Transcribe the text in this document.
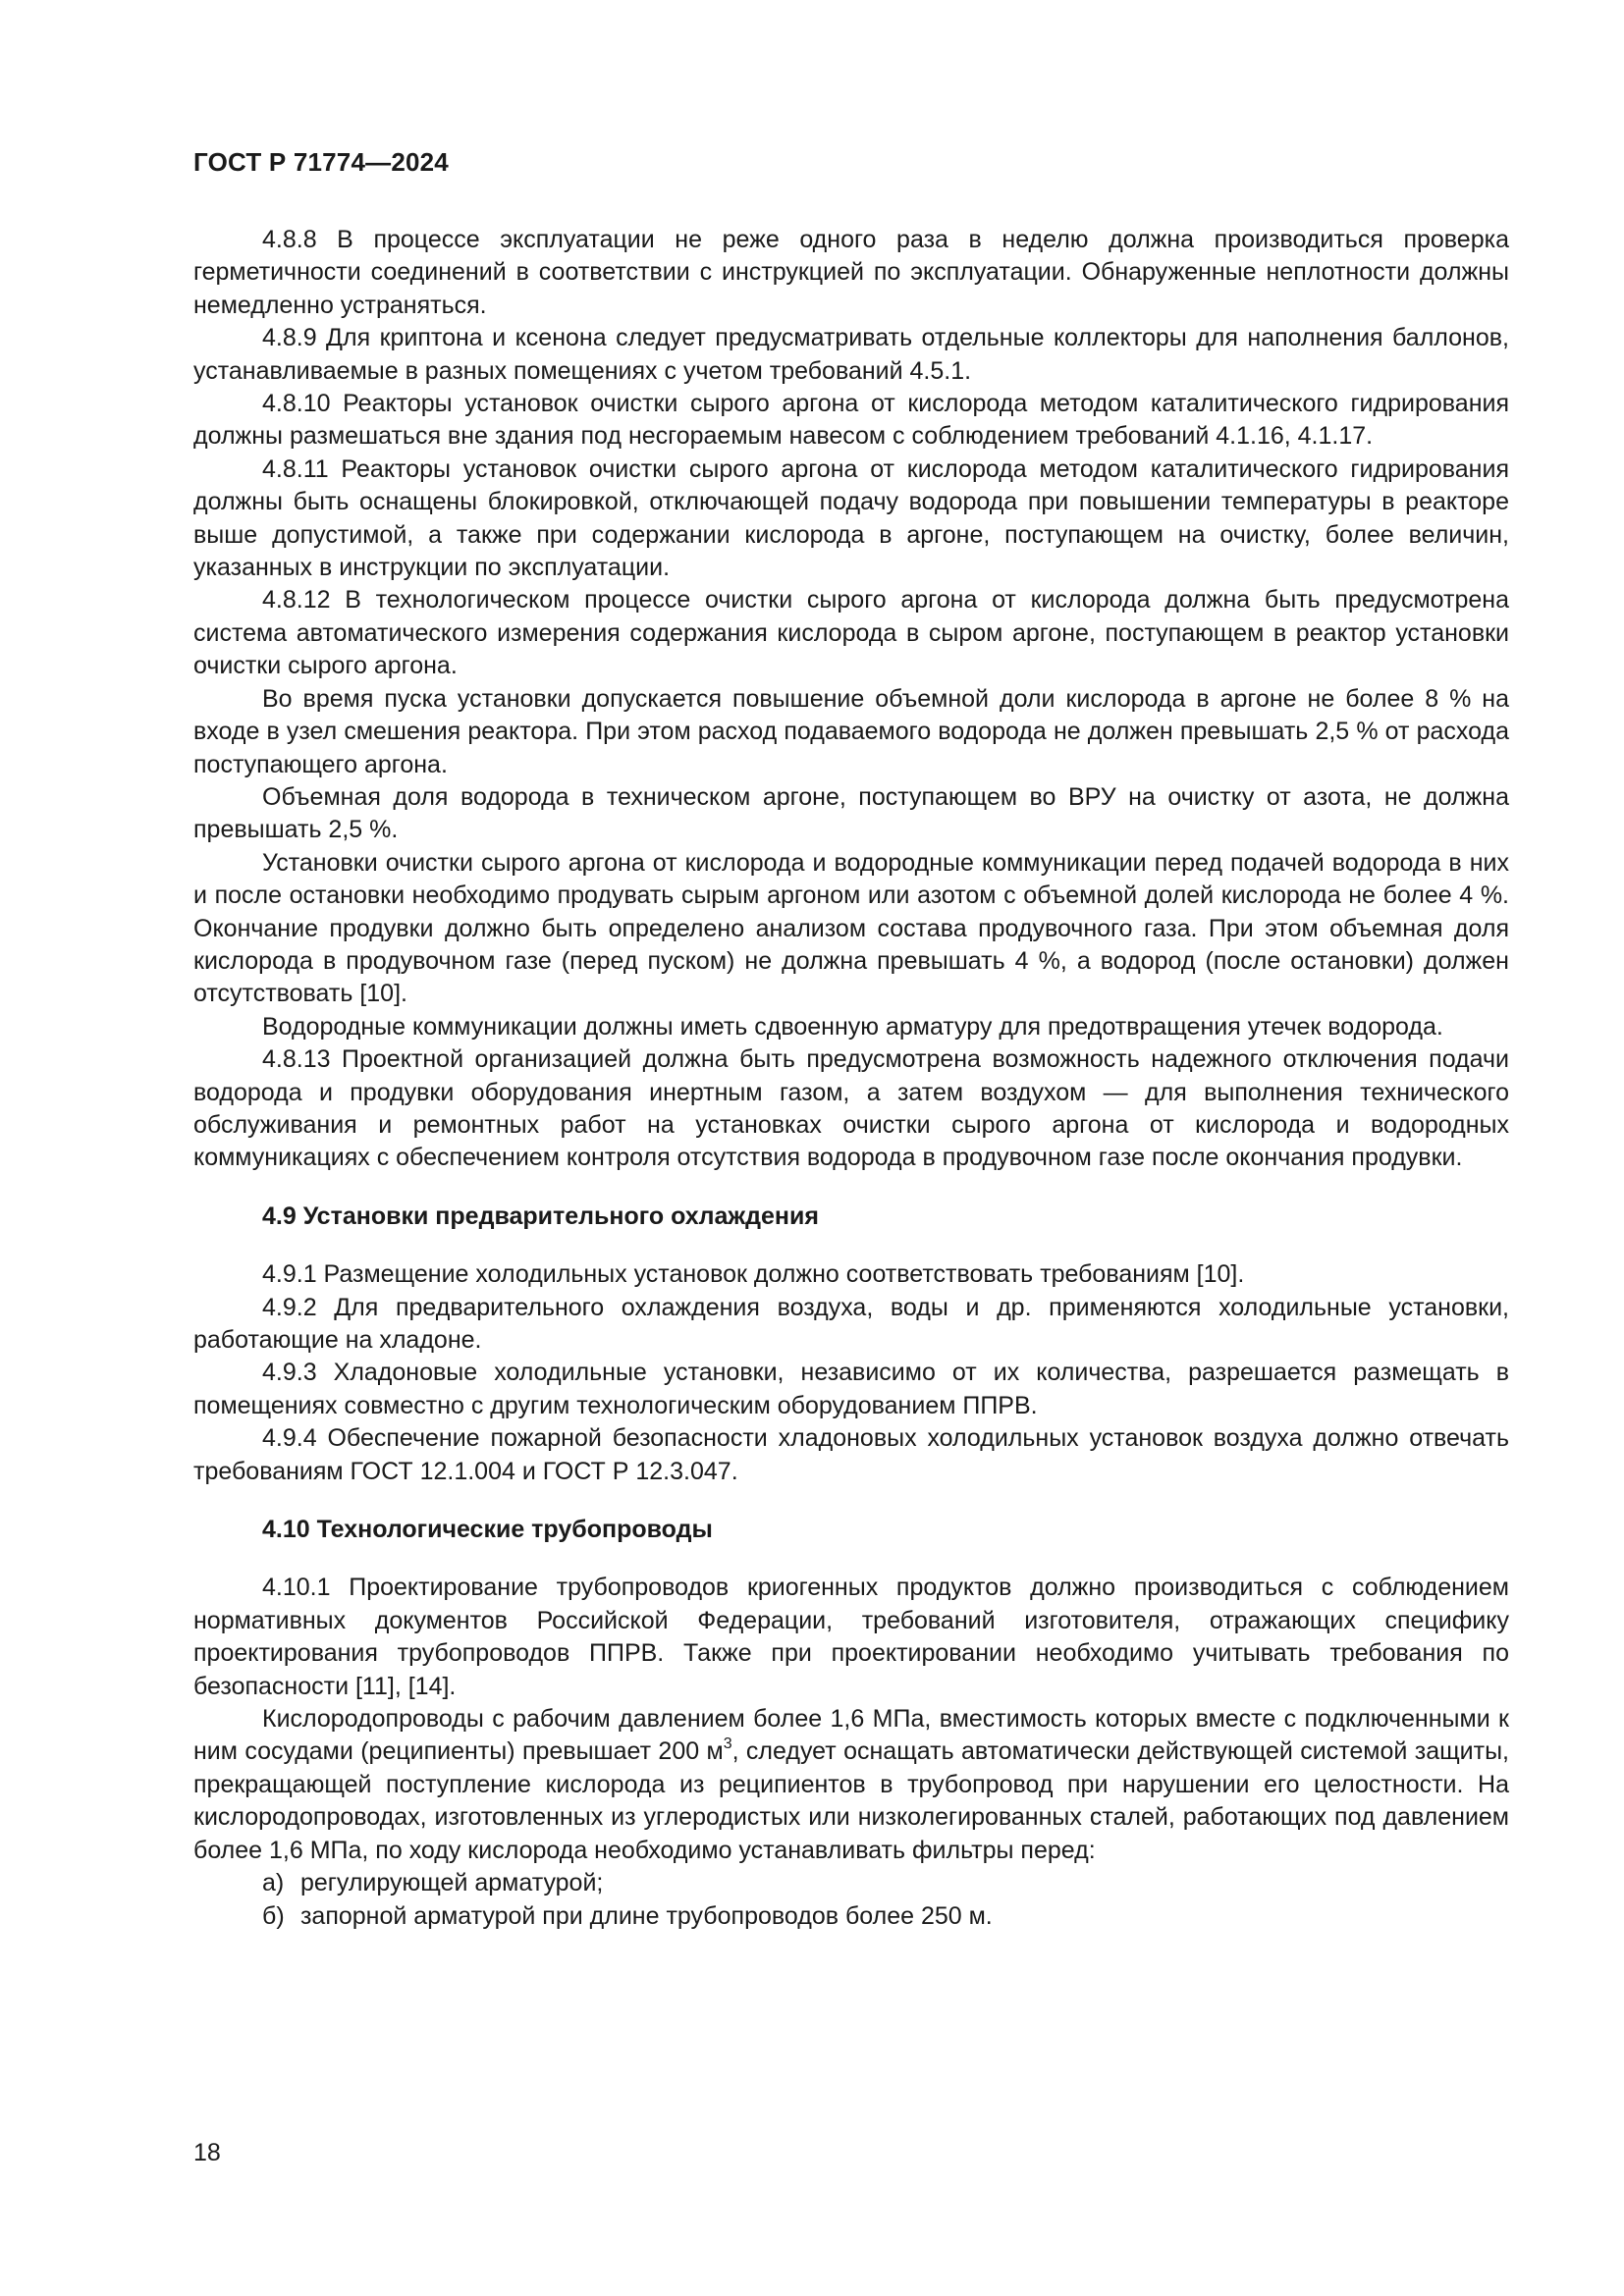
ГОСТ Р 71774—2024

4.8.8 В процессе эксплуатации не реже одного раза в неделю должна производиться проверка герметичности соединений в соответствии с инструкцией по эксплуатации. Обнаруженные неплотности должны немедленно устраняться.

4.8.9 Для криптона и ксенона следует предусматривать отдельные коллекторы для наполнения баллонов, устанавливаемые в разных помещениях с учетом требований 4.5.1.

4.8.10 Реакторы установок очистки сырого аргона от кислорода методом каталитического гидрирования должны размешаться вне здания под несгораемым навесом с соблюдением требований 4.1.16, 4.1.17.

4.8.11 Реакторы установок очистки сырого аргона от кислорода методом каталитического гидрирования должны быть оснащены блокировкой, отключающей подачу водорода при повышении температуры в реакторе выше допустимой, а также при содержании кислорода в аргоне, поступающем на очистку, более величин, указанных в инструкции по эксплуатации.

4.8.12 В технологическом процессе очистки сырого аргона от кислорода должна быть предусмотрена система автоматического измерения содержания кислорода в сыром аргоне, поступающем в реактор установки очистки сырого аргона.

Во время пуска установки допускается повышение объемной доли кислорода в аргоне не более 8 % на входе в узел смешения реактора. При этом расход подаваемого водорода не должен превышать 2,5 % от расхода поступающего аргона.

Объемная доля водорода в техническом аргоне, поступающем во ВРУ на очистку от азота, не должна превышать 2,5 %.

Установки очистки сырого аргона от кислорода и водородные коммуникации перед подачей водорода в них и после остановки необходимо продувать сырым аргоном или азотом с объемной долей кислорода не более 4 %. Окончание продувки должно быть определено анализом состава продувочного газа. При этом объемная доля кислорода в продувочном газе (перед пуском) не должна превышать 4 %, а водород (после остановки) должен отсутствовать [10].

Водородные коммуникации должны иметь сдвоенную арматуру для предотвращения утечек водорода.

4.8.13 Проектной организацией должна быть предусмотрена возможность надежного отключения подачи водорода и продувки оборудования инертным газом, а затем воздухом — для выполнения технического обслуживания и ремонтных работ на установках очистки сырого аргона от кислорода и водородных коммуникациях с обеспечением контроля отсутствия водорода в продувочном газе после окончания продувки.

4.9 Установки предварительного охлаждения

4.9.1 Размещение холодильных установок должно соответствовать требованиям [10].

4.9.2 Для предварительного охлаждения воздуха, воды и др. применяются холодильные установки, работающие на хладоне.

4.9.3 Хладоновые холодильные установки, независимо от их количества, разрешается размещать в помещениях совместно с другим технологическим оборудованием ППРВ.

4.9.4 Обеспечение пожарной безопасности хладоновых холодильных установок воздуха должно отвечать требованиям ГОСТ 12.1.004 и ГОСТ Р 12.3.047.

4.10 Технологические трубопроводы

4.10.1 Проектирование трубопроводов криогенных продуктов должно производиться с соблюдением нормативных документов Российской Федерации, требований изготовителя, отражающих специфику проектирования трубопроводов ППРВ. Также при проектировании необходимо учитывать требования по безопасности [11], [14].

Кислородопроводы с рабочим давлением более 1,6 МПа, вместимость которых вместе с подключенными к ним сосудами (реципиенты) превышает 200 $м^3$, следует оснащать автоматически действующей системой защиты, прекращающей поступление кислорода из реципиентов в трубопровод при нарушении его целостности. На кислородопроводах, изготовленных из углеродистых или низколегированных сталей, работающих под давлением более 1,6 МПа, по ходу кислорода необходимо устанавливать фильтры перед:

а) регулирующей арматурой;

б) запорной арматурой при длине трубопроводов более 250 м.

18
